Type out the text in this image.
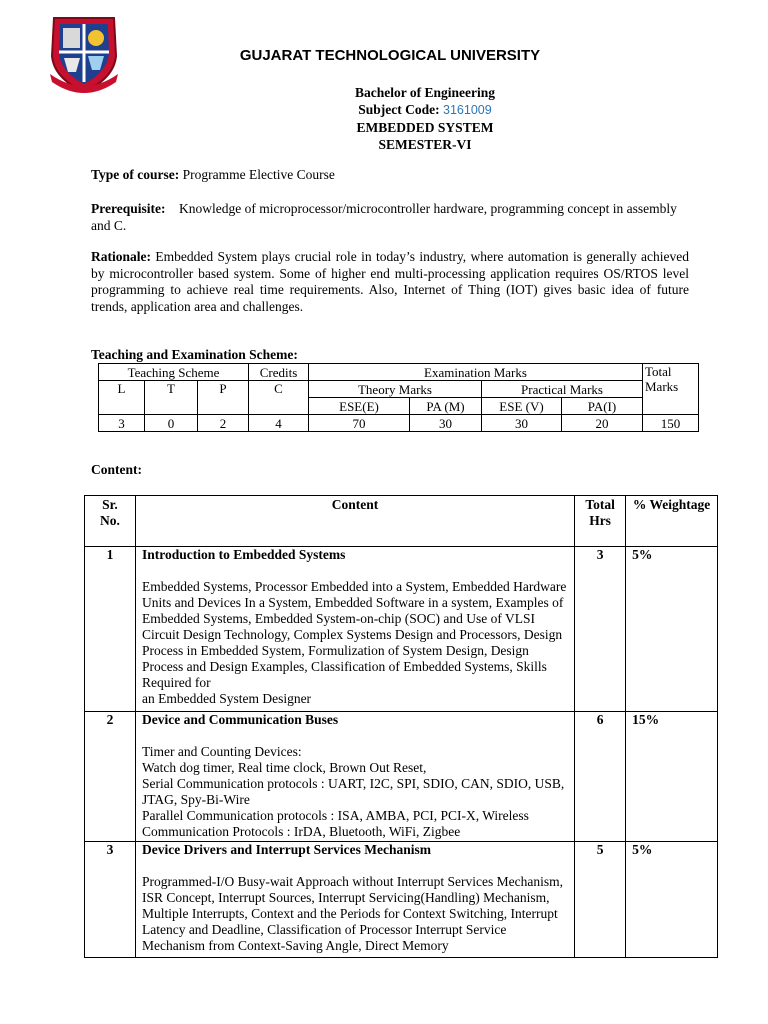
GUJARAT TECHNOLOGICAL UNIVERSITY
Bachelor of Engineering
Subject Code: 3161009
EMBEDDED SYSTEM
SEMESTER-VI
Type of course: Programme Elective Course
Prerequisite: Knowledge of microprocessor/microcontroller hardware, programming concept in assembly and C.
Rationale: Embedded System plays crucial role in today’s industry, where automation is generally achieved by microcontroller based system. Some of higher end multi-processing application requires OS/RTOS level programming to achieve real time requirements. Also, Internet of Thing (IOT) gives basic idea of future trends, application area and challenges.
Teaching and Examination Scheme:
Teaching Scheme			Credits	Examination Marks				Total Marks
L	T	P	C	Theory Marks		Practical Marks		
				ESE(E)	PA (M)	ESE (V)	PA(I)	
3	0	2	4	70	30	30	20	150
Content:
Sr. No.	Content	Total Hrs	% Weightage
1	Introduction to Embedded Systems
Embedded Systems, Processor Embedded into a System, Embedded Hardware Units and Devices In a System, Embedded Software in a system, Examples of Embedded Systems, Embedded System-on-chip (SOC) and Use of VLSI Circuit Design Technology, Complex Systems Design and Processors, Design Process in Embedded System, Formulization of System Design, Design Process and Design Examples, Classification of Embedded Systems, Skills Required for
an Embedded System Designer	3	5%
2	Device and Communication Buses
Timer and Counting Devices:
Watch dog timer, Real time clock, Brown Out Reset,
Serial Communication protocols : UART, I2C, SPI, SDIO, CAN, SDIO, USB, JTAG, Spy-Bi-Wire
Parallel Communication protocols : ISA, AMBA, PCI, PCI-X, Wireless Communication Protocols : IrDA, Bluetooth, WiFi, Zigbee	6	15%
3	Device Drivers and Interrupt Services Mechanism
Programmed-I/O Busy-wait Approach without Interrupt Services Mechanism, ISR Concept, Interrupt Sources, Interrupt Servicing(Handling) Mechanism, Multiple Interrupts, Context and the Periods for Context Switching, Interrupt Latency and Deadline, Classification of Processor Interrupt Service Mechanism from Context-Saving Angle, Direct Memory	5	5%
